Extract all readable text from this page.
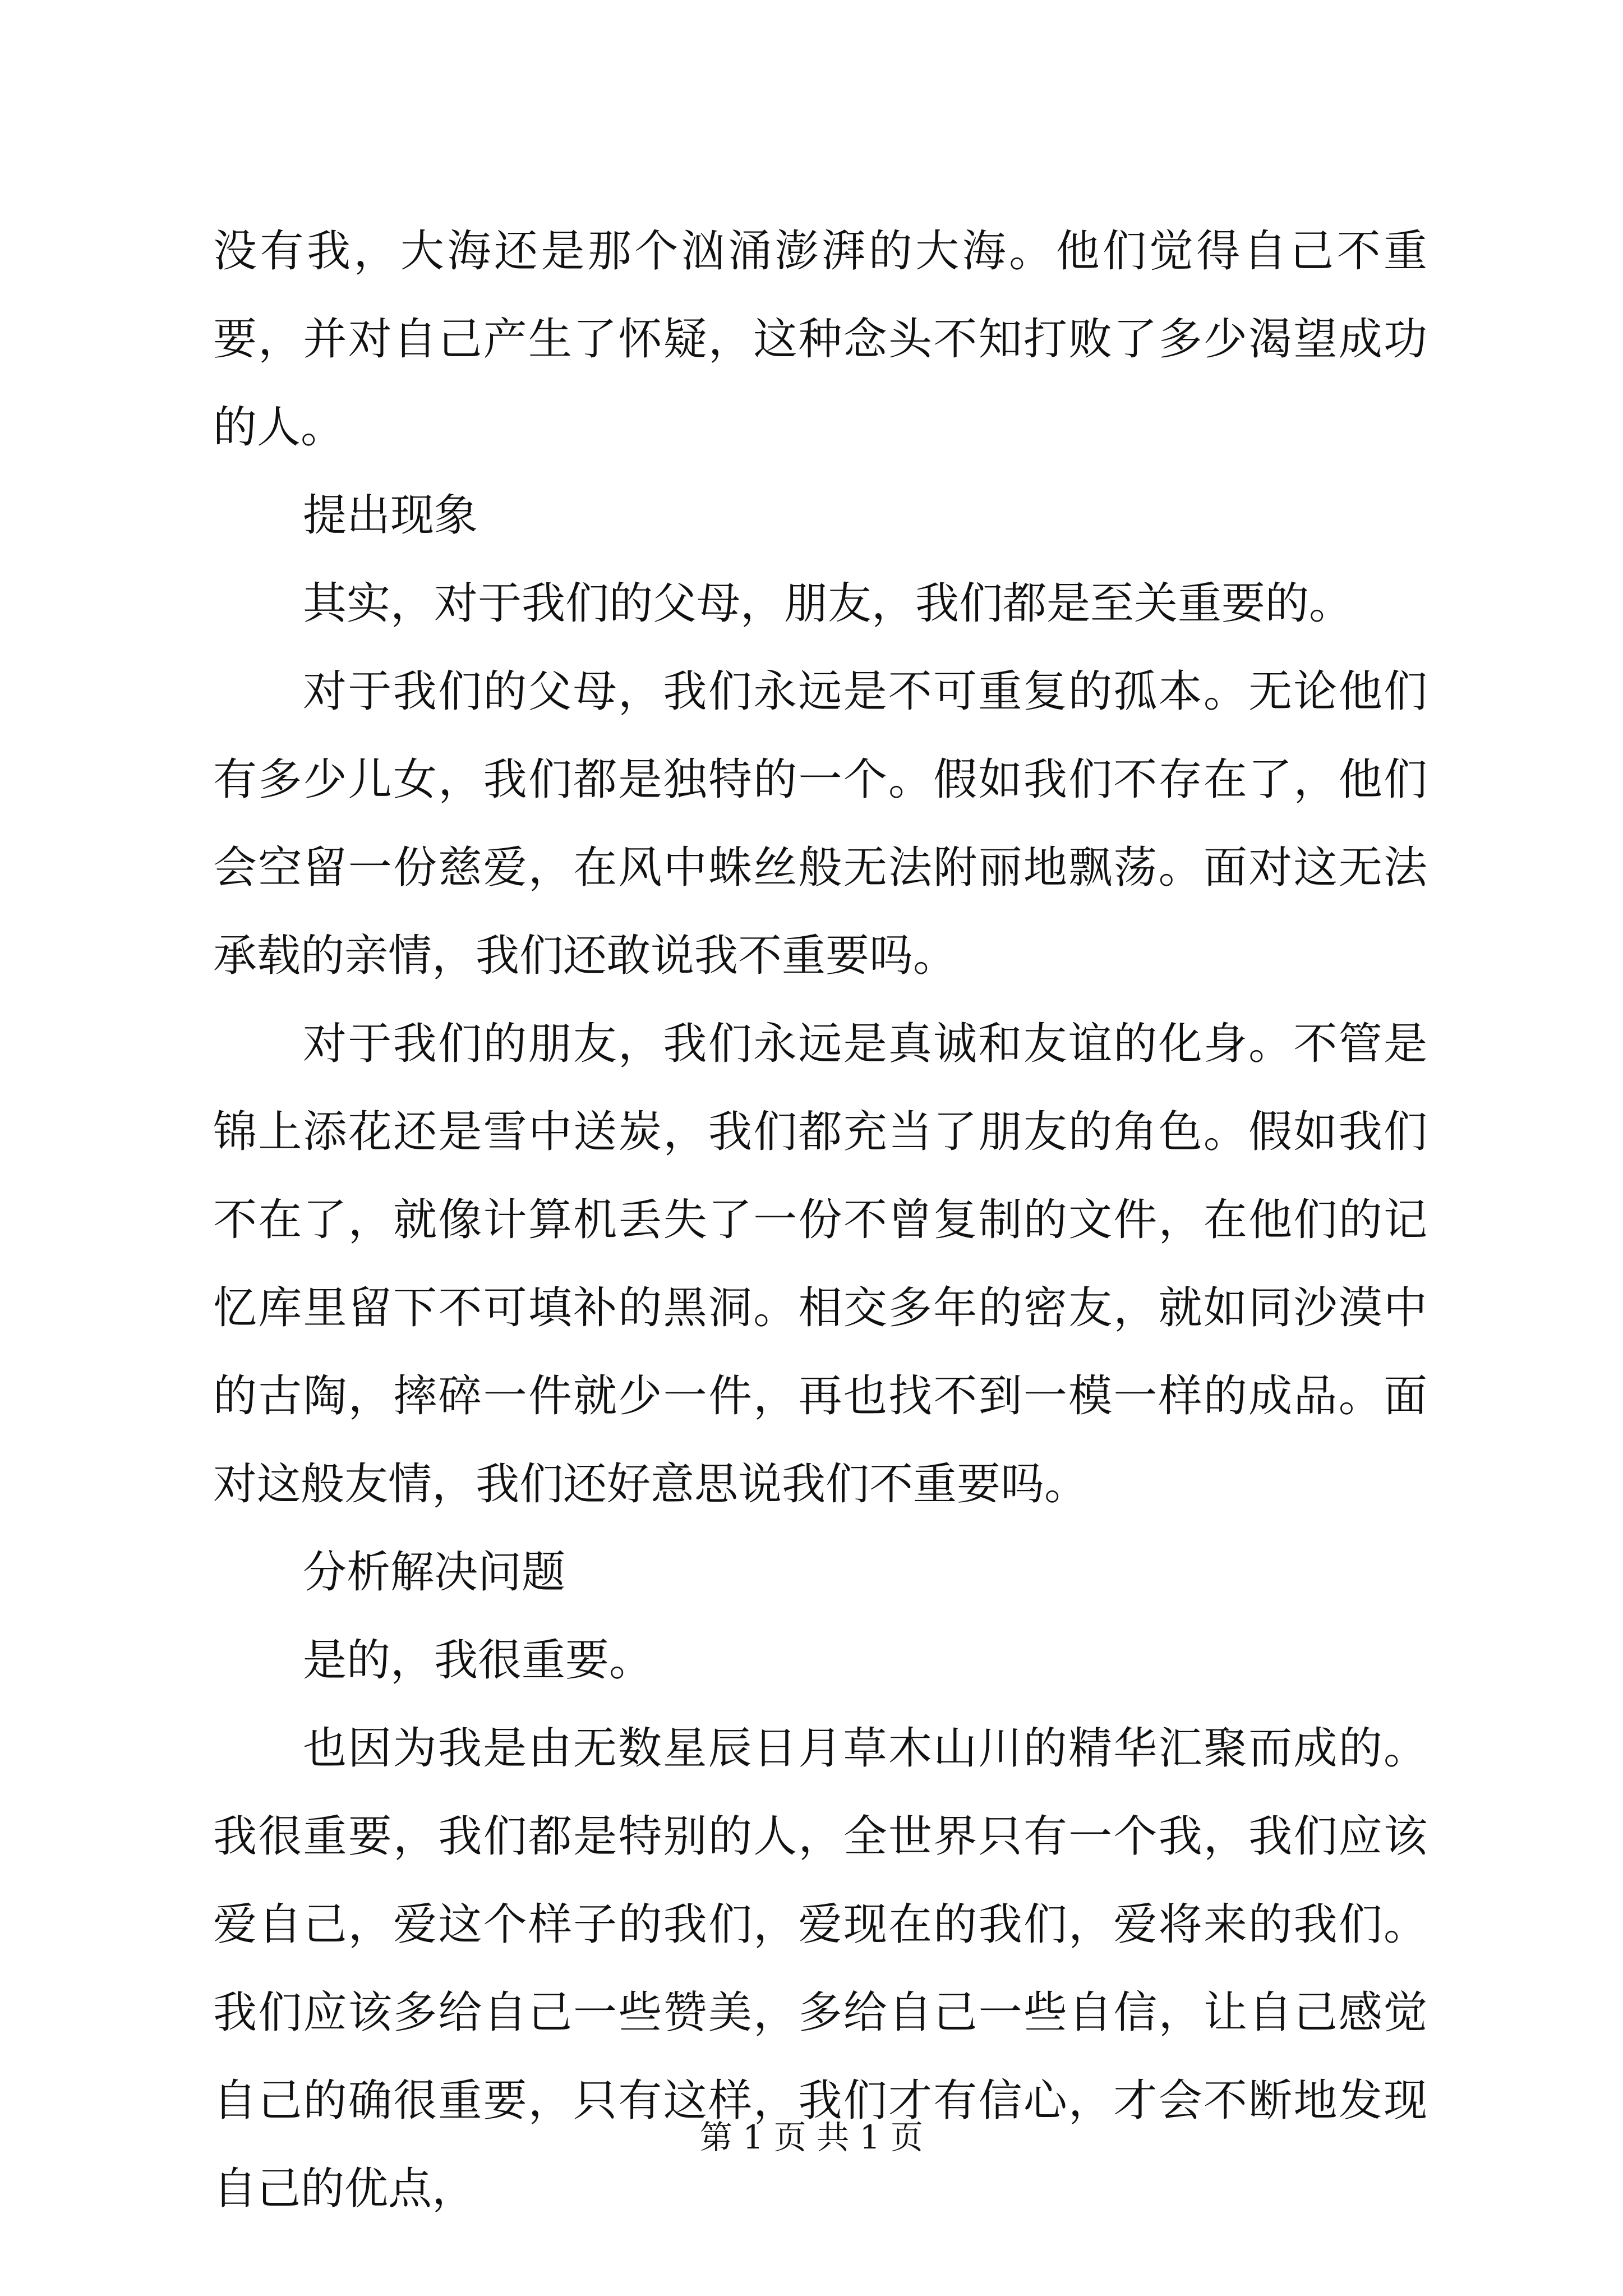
没有我，大海还是那个汹涌澎湃的大海。他们觉得自己不重要，并对自己产生了怀疑，这种念头不知打败了多少渴望成功的人。

提出现象

其实，对于我们的父母，朋友，我们都是至关重要的。

对于我们的父母，我们永远是不可重复的孤本。无论他们有多少儿女，我们都是独特的一个。假如我们不存在了，他们会空留一份慈爱，在风中蛛丝般无法附丽地飘荡。面对这无法承载的亲情，我们还敢说我不重要吗。

对于我们的朋友，我们永远是真诚和友谊的化身。不管是锦上添花还是雪中送炭，我们都充当了朋友的角色。假如我们不在了，就像计算机丢失了一份不曾复制的文件，在他们的记忆库里留下不可填补的黑洞。相交多年的密友，就如同沙漠中的古陶，摔碎一件就少一件，再也找不到一模一样的成品。面对这般友情，我们还好意思说我们不重要吗。

分析解决问题

是的，我很重要。

也因为我是由无数星辰日月草木山川的精华汇聚而成的。我很重要，我们都是特别的人，全世界只有一个我，我们应该爱自己，爱这个样子的我们，爱现在的我们，爱将来的我们。我们应该多给自己一些赞美，多给自己一些自信，让自己感觉自己的确很重要，只有这样，我们才有信心，才会不断地发现自己的优点，

第 1 页 共 1 页
